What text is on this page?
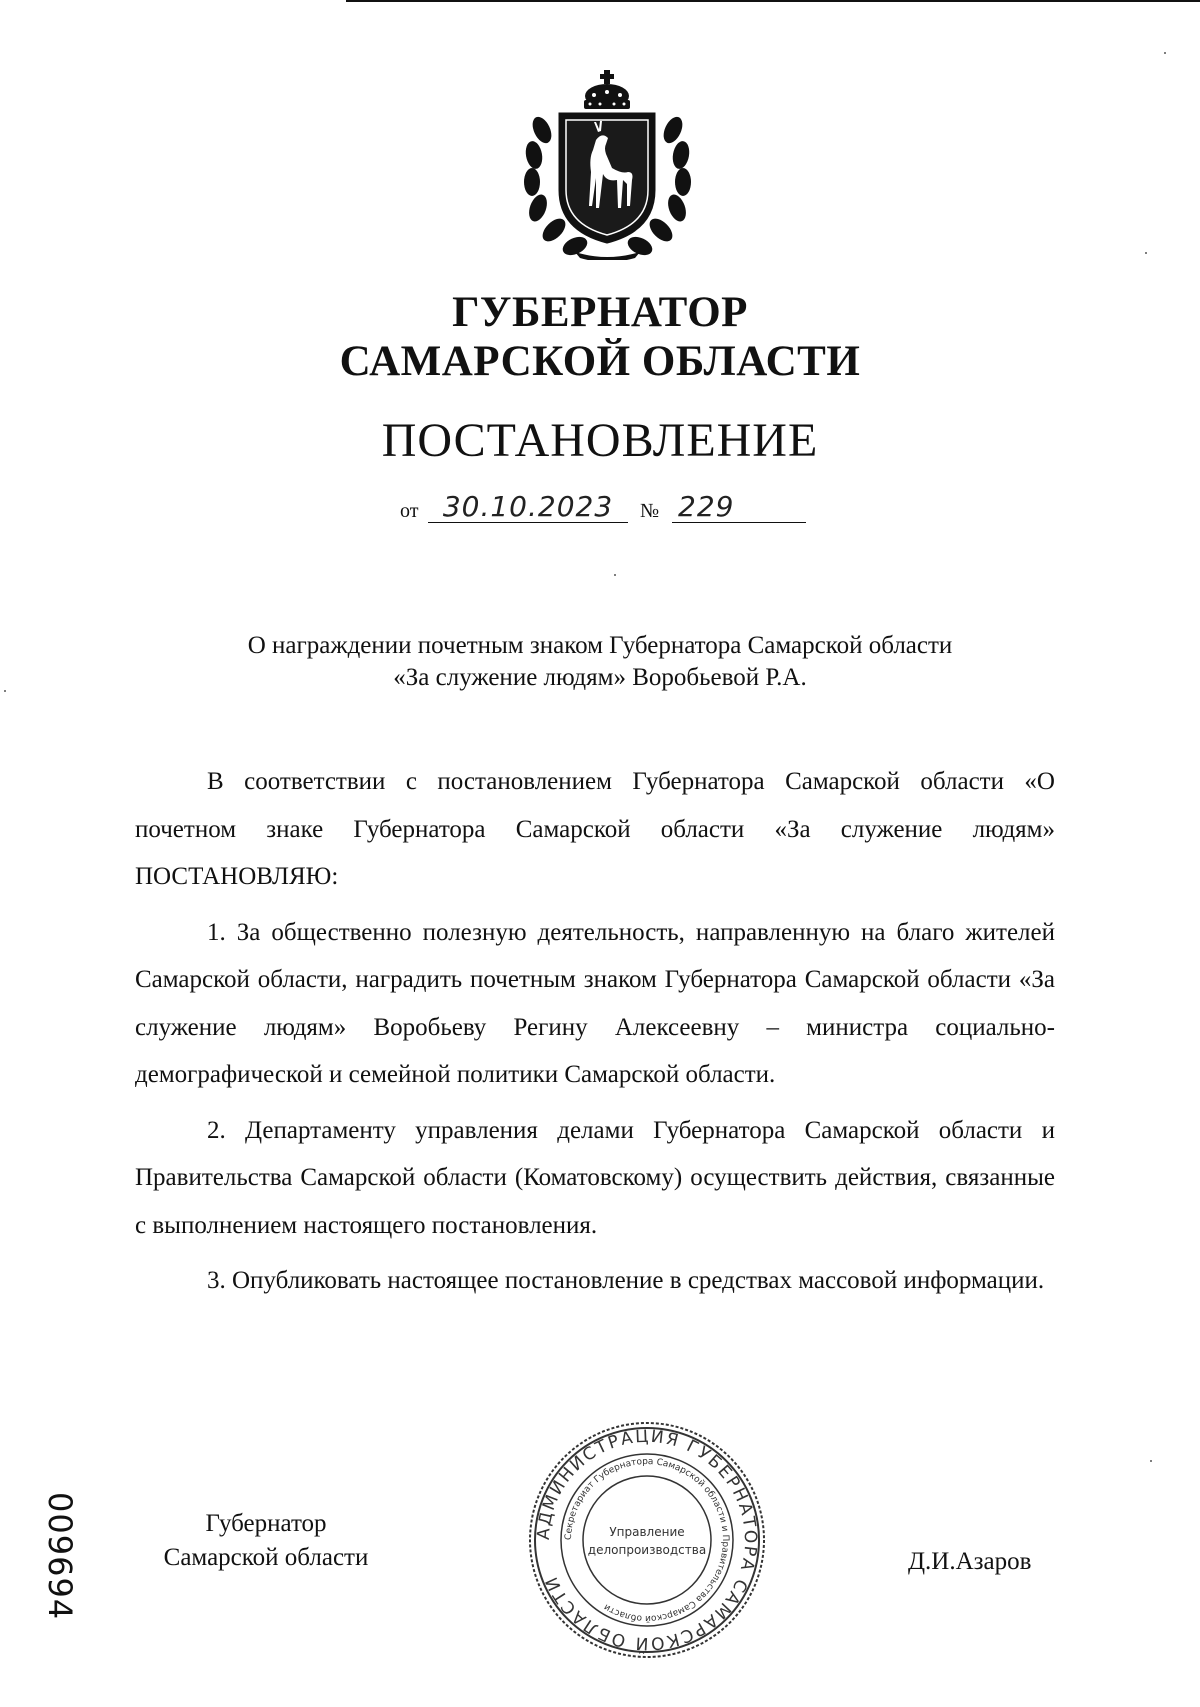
ГУБЕРНАТОР
САМАРСКОЙ ОБЛАСТИ
ПОСТАНОВЛЕНИЕ
от 30.10.2023	№ 229
О награждении почетным знаком Губернатора Самарской области
«За служение людям» Воробьевой Р.А.

В соответствии с постановлением Губернатора Самарской области «О почетном знаке Губернатора Самарской области «За служение людям» ПОСТАНОВЛЯЮ:

1. За общественно полезную деятельность, направленную на благо жителей Самарской области, наградить почетным знаком Губернатора Самарской области «За служение людям» Воробьеву Регину Алексеевну – министра социально-демографической и семейной политики Самарской области.

2. Департаменту управления делами Губернатора Самарской области и Правительства Самарской области (Коматовскому) осуществить действия, связанные с выполнением настоящего постановления.

3. Опубликовать настоящее постановление в средствах массовой информации.

009694	Губернатор
Самарской области
АДМИНИСТРАЦИЯ ГУБЕРНАТОРА САМАРСКОЙ ОБЛАСТИ
Секретариат Губернатора Самарской области и Правительства Самарской области
Управление
делопроизводства	Д.И.Азаров
